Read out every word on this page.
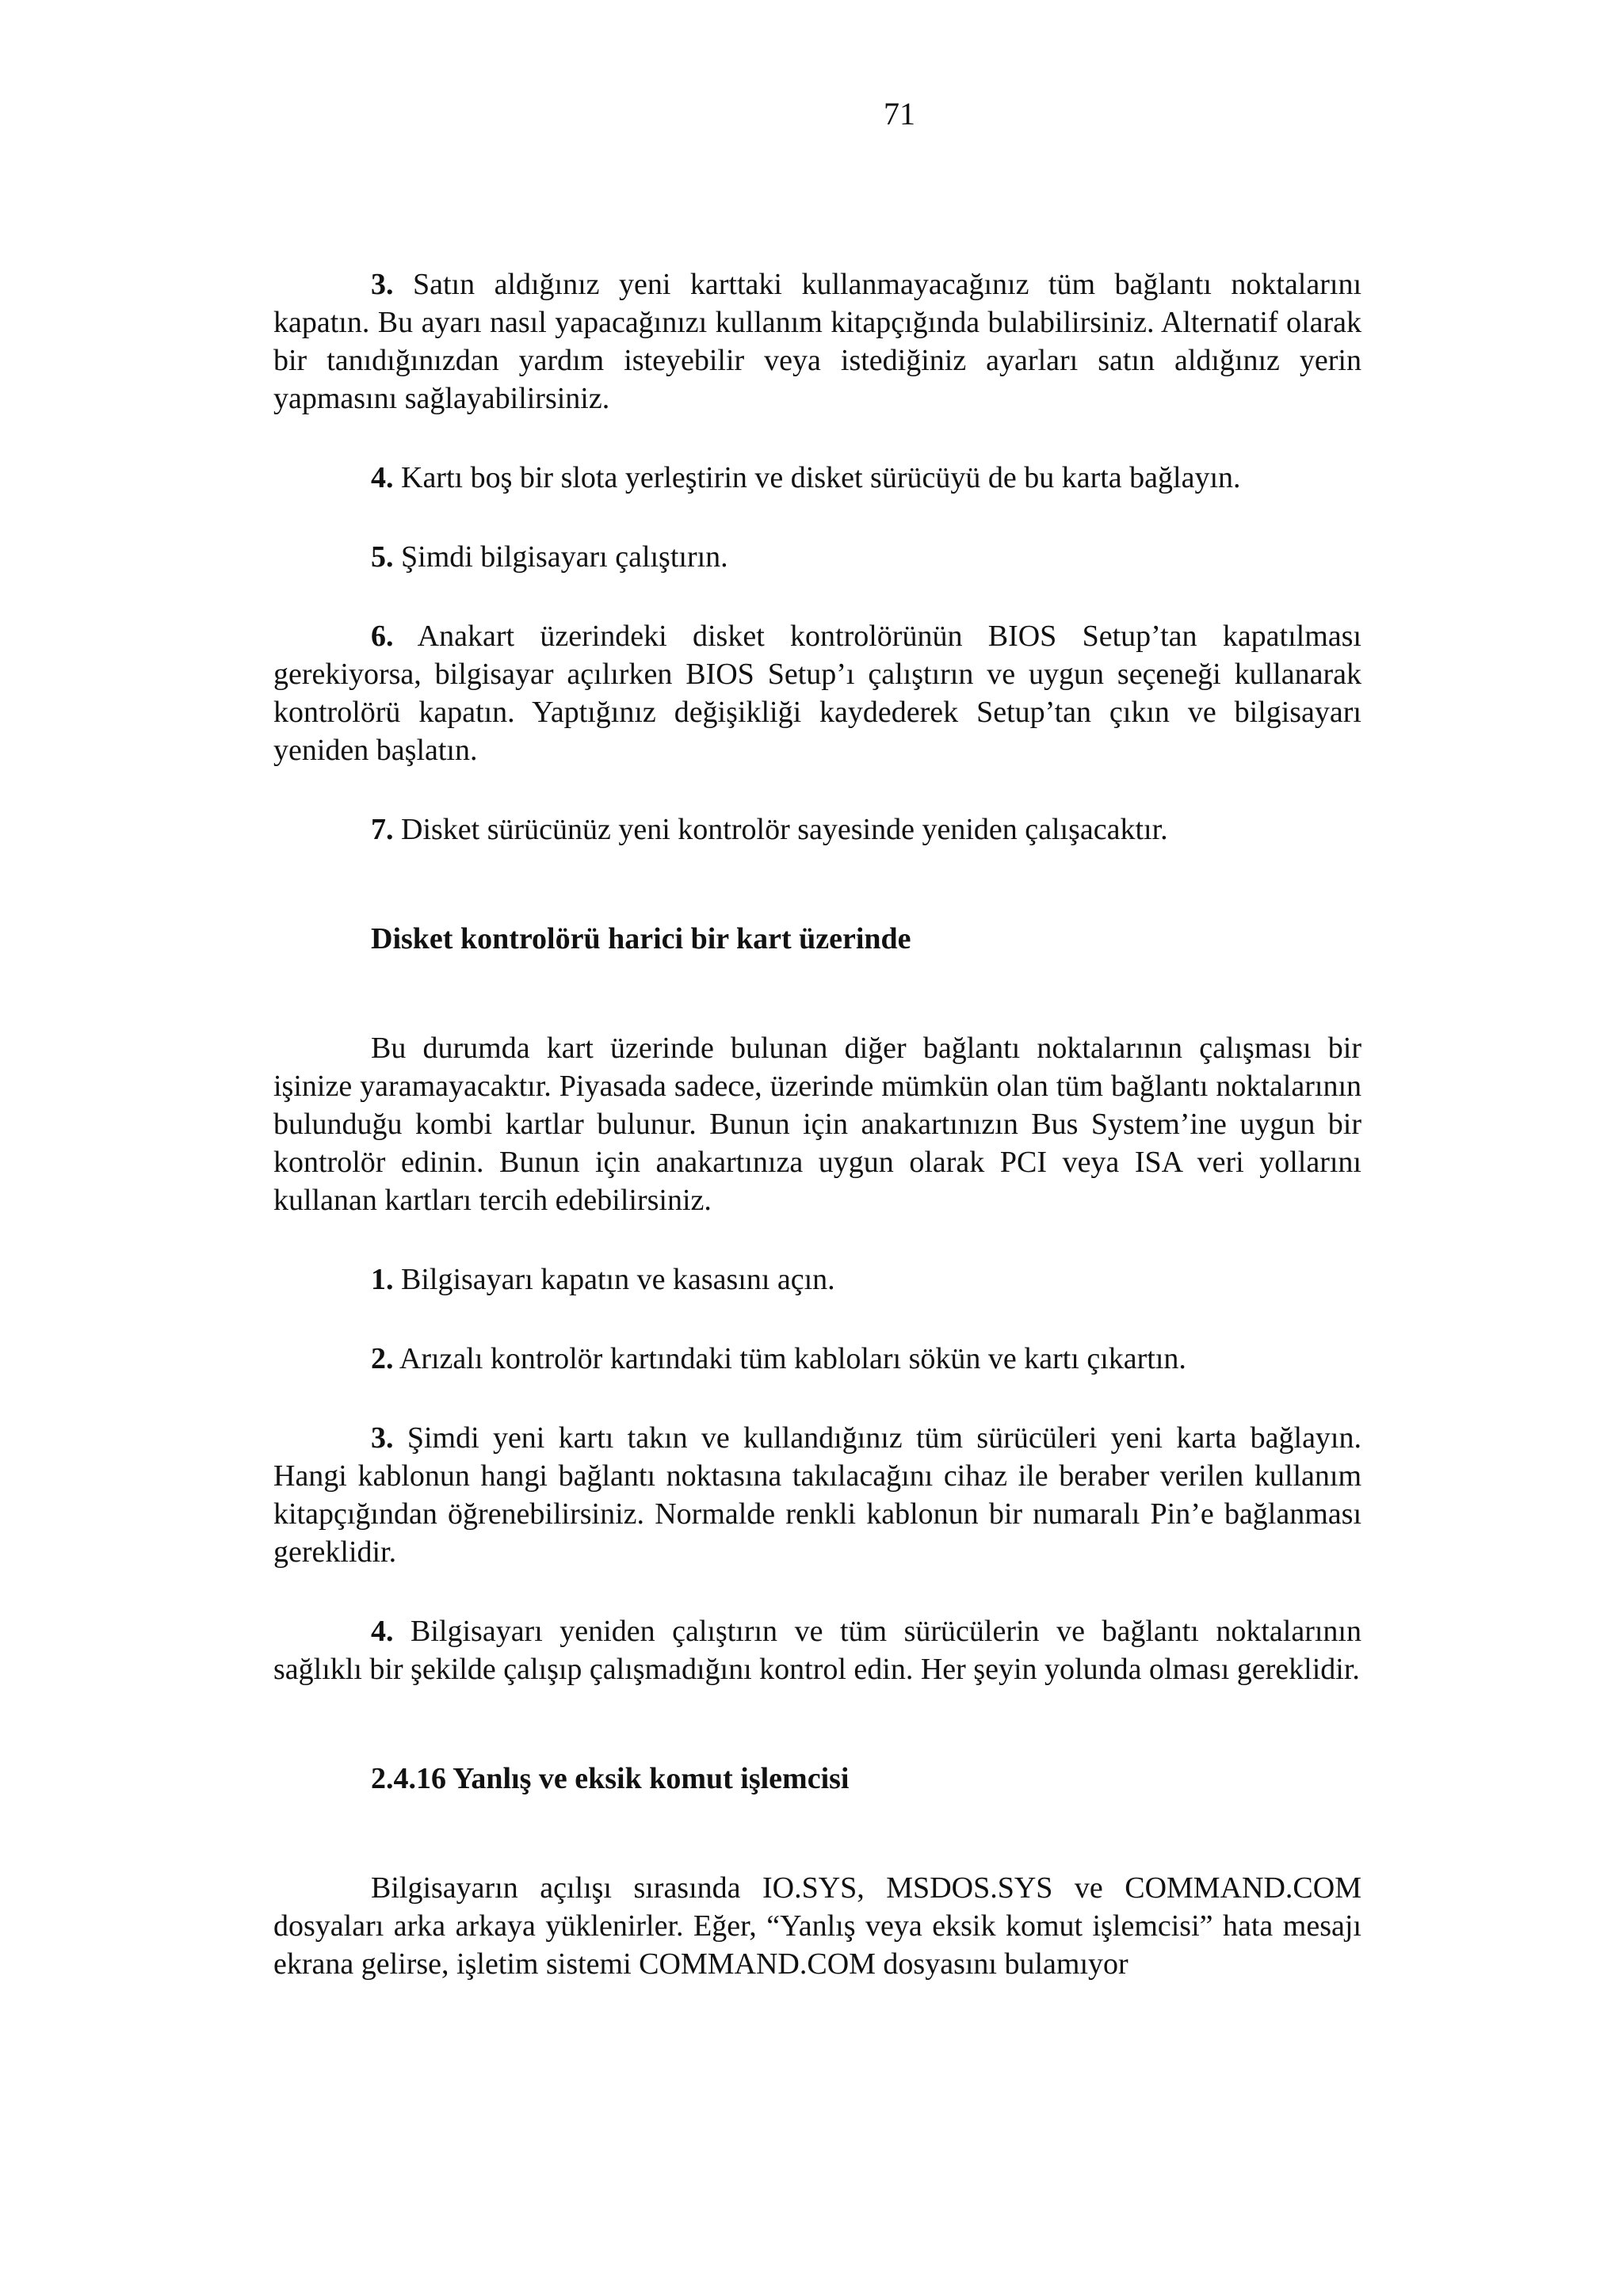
71

3. Satın aldığınız yeni karttaki kullanmayacağınız tüm bağlantı noktalarını kapatın. Bu ayarı nasıl yapacağınızı kullanım kitapçığında bulabilirsiniz. Alternatif olarak bir tanıdığınızdan yardım isteyebilir veya istediğiniz ayarları satın aldığınız yerin yapmasını sağlayabilirsiniz.

4. Kartı boş bir slota yerleştirin ve disket sürücüyü de bu karta bağlayın.

5. Şimdi bilgisayarı çalıştırın.

6. Anakart üzerindeki disket kontrolörünün BIOS Setup’tan kapatılması gerekiyorsa, bilgisayar açılırken BIOS Setup’ı çalıştırın ve uygun seçeneği kullanarak kontrolörü kapatın. Yaptığınız değişikliği kaydederek Setup’tan çıkın ve bilgisayarı yeniden başlatın.

7. Disket sürücünüz yeni kontrolör sayesinde yeniden çalışacaktır.

Disket kontrolörü harici bir kart üzerinde

Bu durumda kart üzerinde bulunan diğer bağlantı noktalarının çalışması bir işinize yaramayacaktır. Piyasada sadece, üzerinde mümkün olan tüm bağlantı noktalarının bulunduğu kombi kartlar bulunur. Bunun için anakartınızın Bus System’ine uygun bir kontrolör edinin. Bunun için anakartınıza uygun olarak PCI veya ISA veri yollarını kullanan kartları tercih edebilirsiniz.

1. Bilgisayarı kapatın ve kasasını açın.

2. Arızalı kontrolör kartındaki tüm kabloları sökün ve kartı çıkartın.

3. Şimdi yeni kartı takın ve kullandığınız tüm sürücüleri yeni karta bağlayın. Hangi kablonun hangi bağlantı noktasına takılacağını cihaz ile beraber verilen kullanım kitapçığından öğrenebilirsiniz. Normalde renkli kablonun bir numaralı Pin’e bağlanması gereklidir.

4. Bilgisayarı yeniden çalıştırın ve tüm sürücülerin ve bağlantı noktalarının sağlıklı bir şekilde çalışıp çalışmadığını kontrol edin. Her şeyin yolunda olması gereklidir.

2.4.16 Yanlış ve eksik komut işlemcisi

Bilgisayarın açılışı sırasında IO.SYS, MSDOS.SYS ve COMMAND.COM dosyaları arka arkaya yüklenirler. Eğer, “Yanlış veya eksik komut işlemcisi” hata mesajı ekrana gelirse, işletim sistemi COMMAND.COM dosyasını bulamıyor
